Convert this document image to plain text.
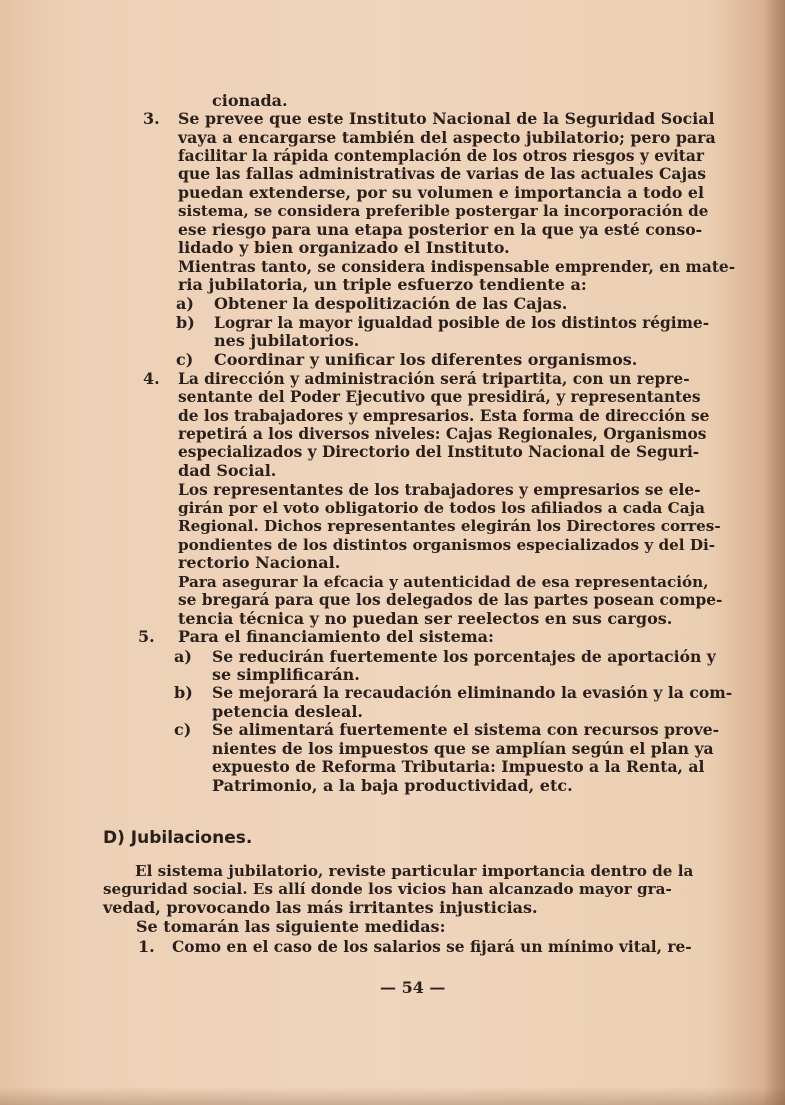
3.
4.
5.
1.
a)
b)
c)
a)
b)
c)
cionada.
Se prevee que este Instituto Nacional de la Seguridad Social
vaya a encargarse también del aspecto jubilatorio; pero para
facilitar la rápida contemplación de los otros riesgos y evitar
que las fallas administrativas de varias de las actuales Cajas
puedan extenderse, por su volumen e importancia a todo el
sistema, se considera preferible postergar la incorporación de
ese riesgo para una etapa posterior en la que ya esté conso-
lidado y bien organizado el Instituto.
Mientras tanto, se considera indispensable emprender, en mate-
ria jubilatoria, un triple esfuerzo tendiente a:
Obtener la despolitización de las Cajas.
Lograr la mayor igualdad posible de los distintos régime-
nes jubilatorios.
Coordinar y unificar los diferentes organismos.
La dirección y administración será tripartita, con un repre-
sentante del Poder Ejecutivo que presidirá, y representantes
de los trabajadores y empresarios. Esta forma de dirección se
repetirá a los diversos niveles: Cajas Regionales, Organismos
especializados y Directorio del Instituto Nacional de Seguri-
dad Social.
Los representantes de los trabajadores y empresarios se ele-
girán por el voto obligatorio de todos los afiliados a cada Caja
Regional. Dichos representantes elegirán los Directores corres-
pondientes de los distintos organismos especializados y del Di-
rectorio Nacional.
Para asegurar la efcacia y autenticidad de esa representación,
se bregará para que los delegados de las partes posean compe-
tencia técnica y no puedan ser reelectos en sus cargos.
Para el financiamiento del sistema:
Se reducirán fuertemente los porcentajes de aportación y
se simplificarán.
Se mejorará la recaudación eliminando la evasión y la com-
petencia desleal.
Se alimentará fuertemente el sistema con recursos prove-
nientes de los impuestos que se amplían según el plan ya
expuesto de Reforma Tributaria: Impuesto a la Renta, al
Patrimonio, a la baja productividad, etc.
D) Jubilaciones.
El sistema jubilatorio, reviste particular importancia dentro de la
seguridad social. Es allí donde los vicios han alcanzado mayor gra-
vedad, provocando las más irritantes injusticias.
Se tomarán las siguiente medidas:
Como en el caso de los salarios se fijará un mínimo vital, re-
— 54 —
